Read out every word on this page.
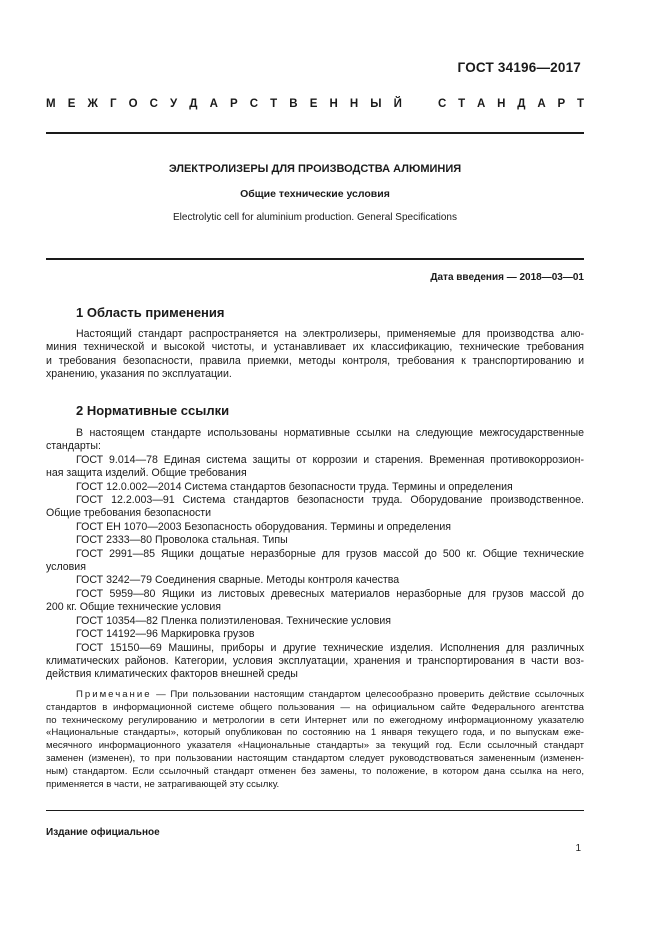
ГОСТ 34196—2017
М Е Ж Г О С У Д А Р С Т В Е Н Н Ы Й	С Т А Н Д А Р Т
ЭЛЕКТРОЛИЗЕРЫ ДЛЯ ПРОИЗВОДСТВА АЛЮМИНИЯ
Общие технические условия
Electrolytic cell for aluminium production. General Specifications
Дата введения — 2018—03—01
1 Область применения
Настоящий стандарт распространяется на электролизеры, применяемые для производства алю-
миния технической и высокой чистоты, и устанавливает их классификацию, технические требования
и требования безопасности, правила приемки, методы контроля, требования к транспортированию и
хранению, указания по эксплуатации.
2 Нормативные ссылки
В настоящем стандарте использованы нормативные ссылки на следующие межгосударственные
стандарты:
ГОСТ 9.014—78 Единая система защиты от коррозии и старения. Временная противокоррозион-
ная защита изделий. Общие требования
ГОСТ 12.0.002—2014 Система стандартов безопасности труда. Термины и определения
ГОСТ 12.2.003—91 Система стандартов безопасности труда. Оборудование производственное.
Общие требования безопасности
ГОСТ ЕН 1070—2003 Безопасность оборудования. Термины и определения
ГОСТ 2333—80 Проволока стальная. Типы
ГОСТ 2991—85 Ящики дощатые неразборные для грузов массой до 500 кг. Общие технические
условия
ГОСТ 3242—79 Соединения сварные. Методы контроля качества
ГОСТ 5959—80 Ящики из листовых древесных материалов неразборные для грузов массой до
200 кг. Общие технические условия
ГОСТ 10354—82 Пленка полиэтиленовая. Технические условия
ГОСТ 14192—96 Маркировка грузов
ГОСТ 15150—69 Машины, приборы и другие технические изделия. Исполнения для различных
климатических районов. Категории, условия эксплуатации, хранения и транспортирования в части воз-
действия климатических факторов внешней среды
Примечание — При пользовании настоящим стандартом целесообразно проверить действие ссылочных
стандартов в информационной системе общего пользования — на официальном сайте Федерального агентства
по техническому регулированию и метрологии в сети Интернет или по ежегодному информационному указателю
«Национальные стандарты», который опубликован по состоянию на 1 января текущего года, и по выпускам еже-
месячного информационного указателя «Национальные стандарты» за текущий год. Если ссылочный стандарт
заменен (изменен), то при пользовании настоящим стандартом следует руководствоваться замененным (изменен-
ным) стандартом. Если ссылочный стандарт отменен без замены, то положение, в котором дана ссылка на него,
применяется в части, не затрагивающей эту ссылку.
Издание официальное
1
